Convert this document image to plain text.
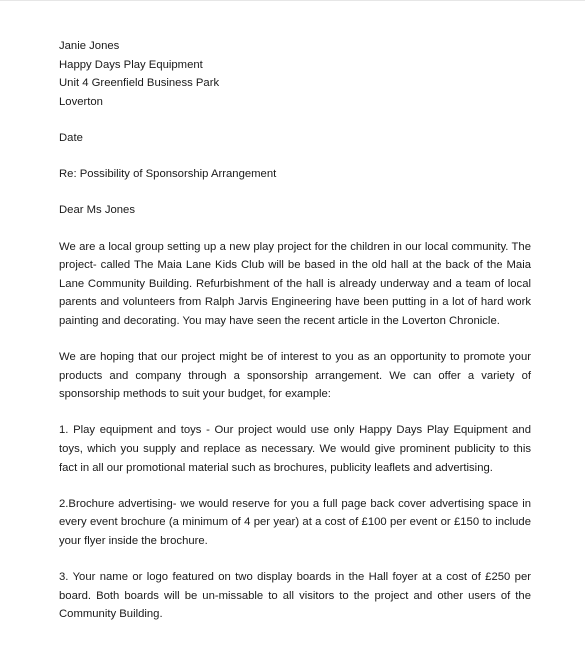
Janie Jones
Happy Days Play Equipment
Unit 4 Greenfield Business Park
Loverton

Date

Re: Possibility of Sponsorship Arrangement

Dear Ms Jones

We are a local group setting up a new play project for the children in our local community. The project- called The Maia Lane Kids Club will be based in the old hall at the back of the Maia Lane Community Building. Refurbishment of the hall is already underway and a team of local parents and volunteers from Ralph Jarvis Engineering have been putting in a lot of hard work painting and decorating. You may have seen the recent article in the Loverton Chronicle.

We are hoping that our project might be of interest to you as an opportunity to promote your products and company through a sponsorship arrangement. We can offer a variety of sponsorship methods to suit your budget, for example:

1. Play equipment and toys - Our project would use only Happy Days Play Equipment and toys, which you supply and replace as necessary. We would give prominent publicity to this fact in all our promotional material such as brochures, publicity leaflets and advertising.

2.Brochure advertising- we would reserve for you a full page back cover advertising space in every event brochure (a minimum of 4 per year) at a cost of £100 per event or £150 to include your flyer inside the brochure.

3. Your name or logo featured on two display boards in the Hall foyer at a cost of £250 per board. Both boards will be un-missable to all visitors to the project and other users of the Community Building.
